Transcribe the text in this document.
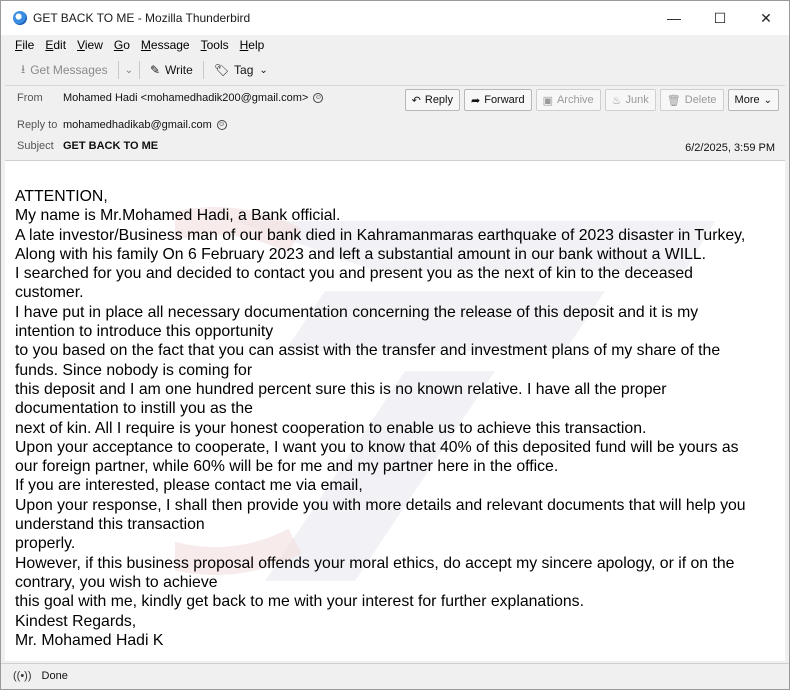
GET BACK TO ME - Mozilla Thunderbird	—	☐	✕
File Edit View Go Message Tools Help
⭳ Get Messages ⌄ ✎ Write 🏷 Tag ⌄
From	Mohamed Hadi <mohamedhadik200@gmail.com> ☺
Reply to mohamedhadikab@gmail.com ☺
Subject GET BACK TO ME	6/2/2025, 3:59 PM
↶ Reply ➦ Forward ▣ Archive ♨ Junk 🗑 Delete More ⌄

ATTENTION,

My name is Mr.Mohamed Hadi, a Bank official.

A late investor/Business man of our bank died in Kahramanmaras earthquake of 2023 disaster in Turkey,

Along with his family On 6 February 2023 and left a substantial amount in our bank without a WILL.

I searched for you and decided to contact you and present you as the next of kin to the deceased

customer.

I have put in place all necessary documentation concerning the release of this deposit and it is my

intention to introduce this opportunity

to you based on the fact that you can assist with the transfer and investment plans of my share of the

funds. Since nobody is coming for

this deposit and I am one hundred percent sure this is no known relative. I have all the proper

documentation to instill you as the

next of kin. All I require is your honest cooperation to enable us to achieve this transaction.

Upon your acceptance to cooperate, I want you to know that 40% of this deposited fund will be yours as

our foreign partner, while 60% will be for me and my partner here in the office.

If you are interested, please contact me via email,

Upon your response, I shall then provide you with more details and relevant documents that will help you

understand this transaction

properly.

However, if this business proposal offends your moral ethics, do accept my sincere apology, or if on the

contrary, you wish to achieve

this goal with me, kindly get back to me with your interest for further explanations.

Kindest Regards,

Mr. Mohamed Hadi K

((•)) Done
